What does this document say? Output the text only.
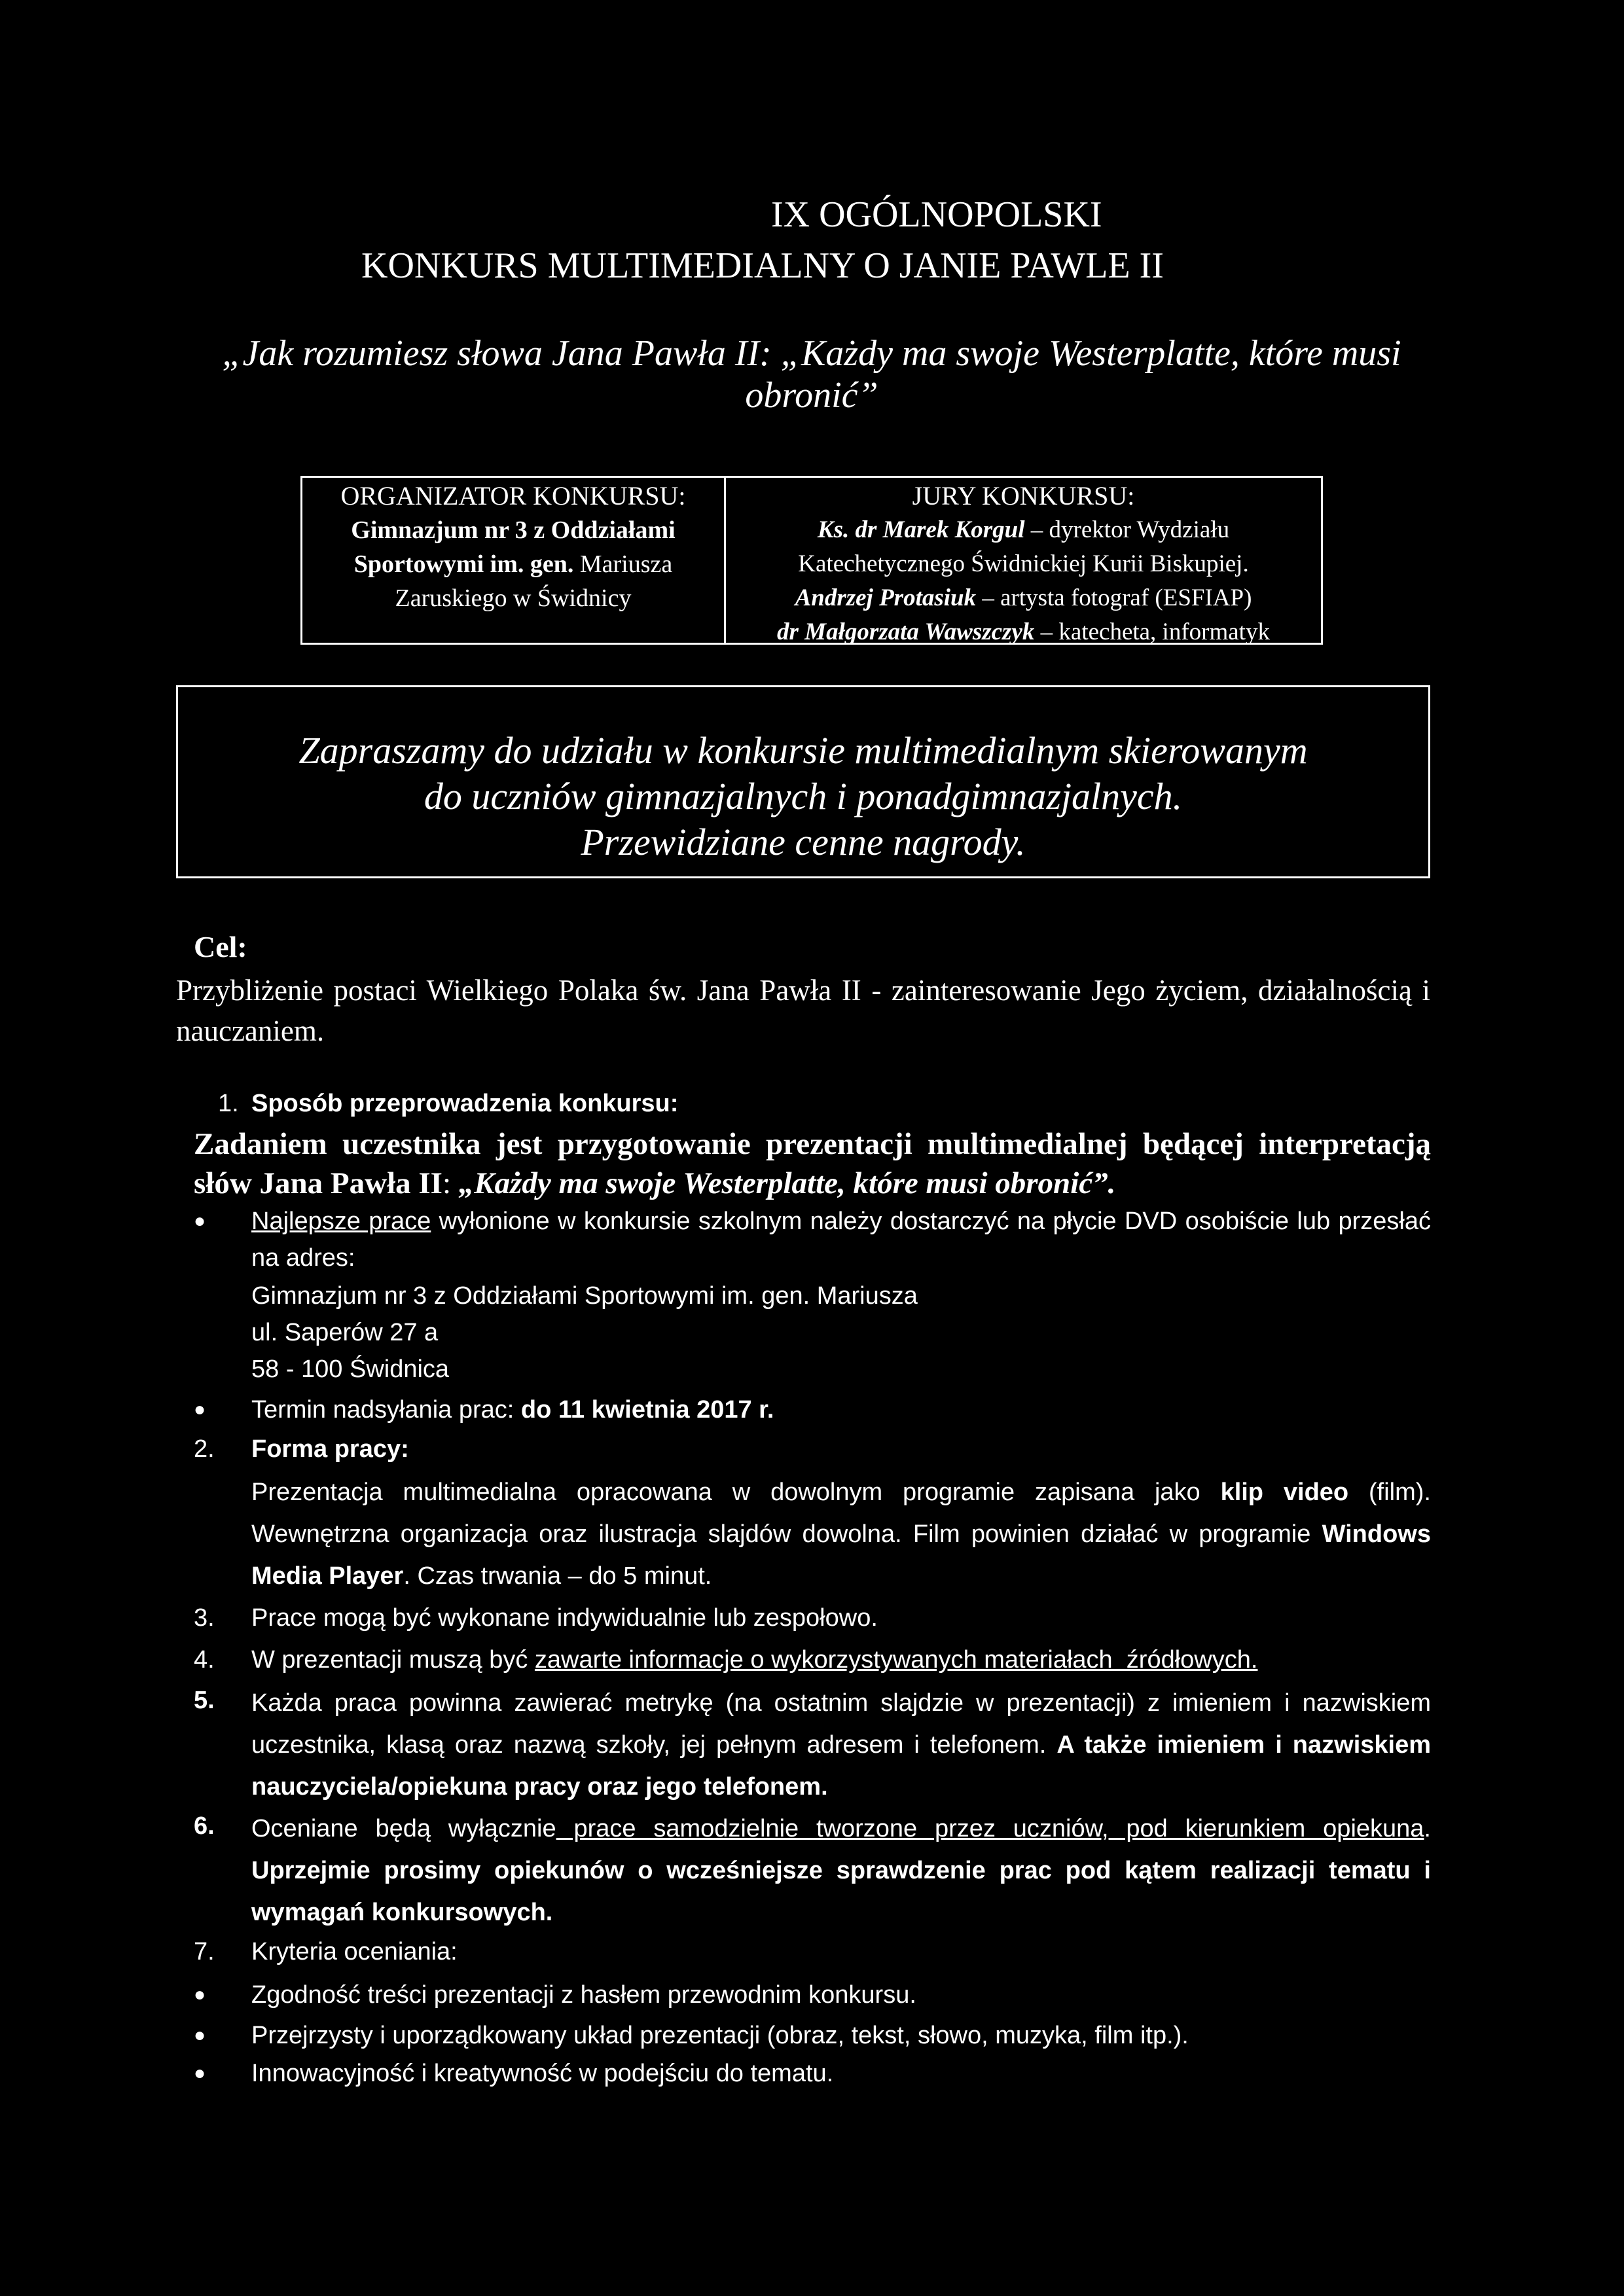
IX OGÓLNOPOLSKI
KONKURS MULTIMEDIALNY O JANIE PAWLE II
„Jak rozumiesz słowa Jana Pawła II: „Każdy ma swoje Westerplatte, które musi obronić”
ORGANIZATOR KONKURSU:
Gimnazjum nr 3 z Oddziałami
Sportowymi im. gen. Mariusza
Zaruskiego w Świdnicy
JURY KONKURSU:
Ks. dr Marek Korgul – dyrektor Wydziału
Katechetycznego Świdnickiej Kurii Biskupiej.
Andrzej Protasiuk – artysta fotograf (ESFIAP)
dr Małgorzata Wawszczyk – katecheta, informatyk
Zapraszamy do udziału w konkursie multimedialnym skierowanym
do uczniów gimnazjalnych i ponadgimnazjalnych.
Przewidziane cenne nagrody.
Cel:
Przybliżenie postaci Wielkiego Polaka św. Jana Pawła II - zainteresowanie Jego życiem, działalnością i nauczaniem.
1. Sposób przeprowadzenia konkursu:
Zadaniem uczestnika jest przygotowanie prezentacji multimedialnej będącej interpretacją słów Jana Pawła II: „Każdy ma swoje Westerplatte, które musi obronić”.
● Najlepsze prace wyłonione w konkursie szkolnym należy dostarczyć na płycie DVD osobiście lub przesłać na adres:
Gimnazjum nr 3 z Oddziałami Sportowymi im. gen. Mariusza
ul. Saperów 27 a
58 - 100 Świdnica
● Termin nadsyłania prac: do 11 kwietnia 2017 r.
2. Forma pracy:
Prezentacja multimedialna opracowana w dowolnym programie zapisana jako klip video (film). Wewnętrzna organizacja oraz ilustracja slajdów dowolna. Film powinien działać w programie Windows Media Player. Czas trwania – do 5 minut.
3. Prace mogą być wykonane indywidualnie lub zespołowo.
4. W prezentacji muszą być zawarte informacje o wykorzystywanych materiałach  źródłowych.
5. Każda praca powinna zawierać metrykę (na ostatnim slajdzie w prezentacji) z imieniem i nazwiskiem uczestnika, klasą oraz nazwą szkoły, jej pełnym adresem i telefonem. A także imieniem i nazwiskiem nauczyciela/opiekuna pracy oraz jego telefonem.
6. Oceniane będą wyłącznie prace samodzielnie tworzone przez uczniów, pod kierunkiem opiekuna. Uprzejmie prosimy opiekunów o wcześniejsze sprawdzenie prac pod kątem realizacji tematu i wymagań konkursowych.
7. Kryteria oceniania:
● Zgodność treści prezentacji z hasłem przewodnim konkursu.
● Przejrzysty i uporządkowany układ prezentacji (obraz, tekst, słowo, muzyka, film itp.).
● Innowacyjność i kreatywność w podejściu do tematu.
